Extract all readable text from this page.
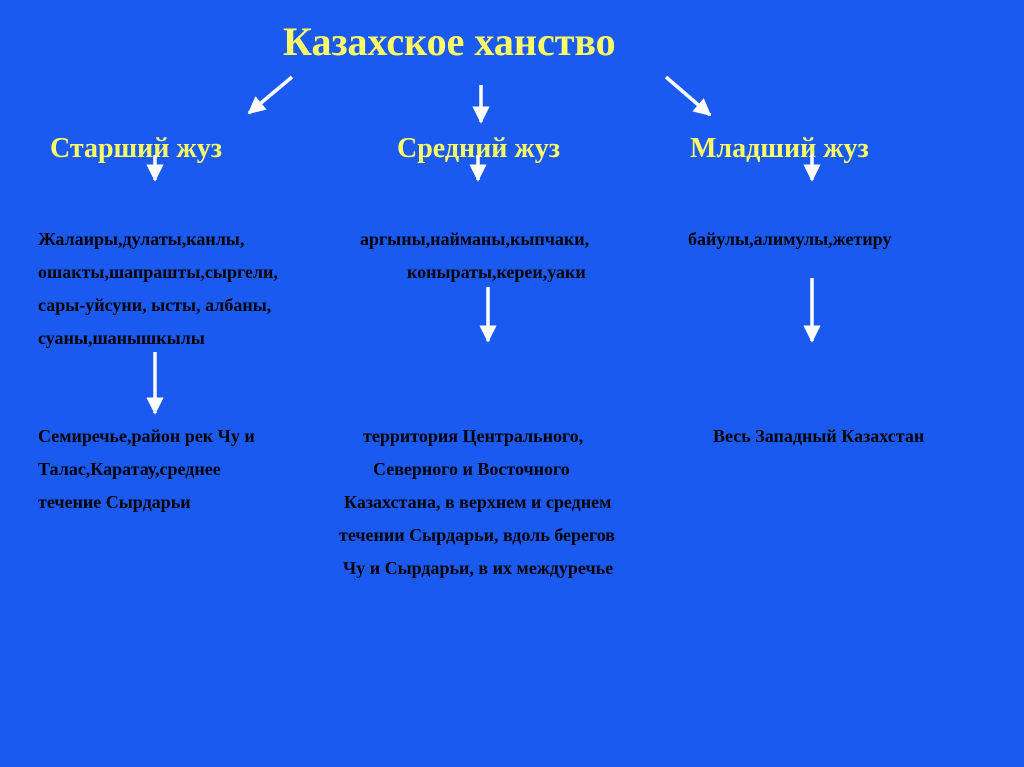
Казахское ханство
Старший жуз	Средний жуз	Младший жуз
Жалаиры,дулаты,канлы,
ошакты,шапрашты,сыргели,
сары-уйсуни, ысты, албаны,
суаны,шанышкылы
аргыны,найманы,кыпчаки,
коныраты,кереи,уаки
байулы,алимулы,жетиру
Семиречье,район рек Чу и
Талас,Каратау,среднее
течение Сырдарьи
территория Центрального,
Северного и Восточного
Казахстана, в верхнем и среднем
течении Сырдарьи, вдоль берегов
Чу и Сырдарьи, в их междуречье
Весь Западный Казахстан
